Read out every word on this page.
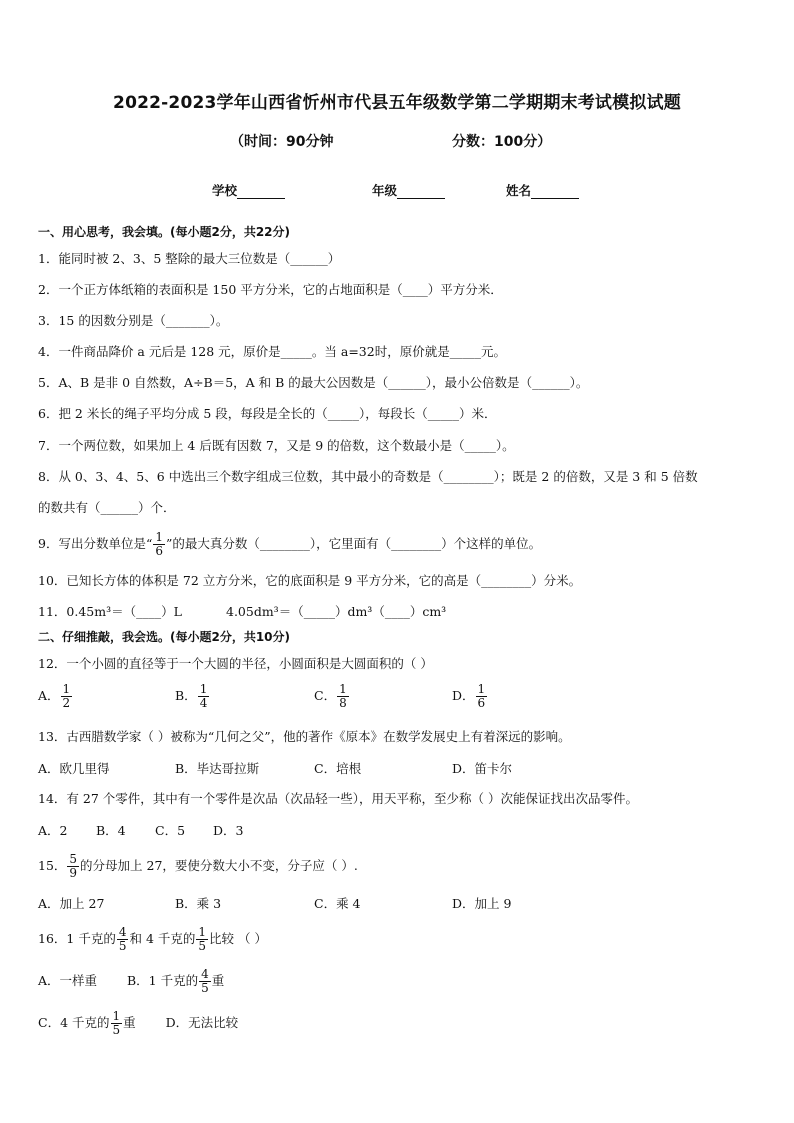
2022-2023学年山西省忻州市代县五年级数学第二学期期末考试模拟试题
（时间：90分钟	分数：100分）
学校	年级	姓名
一、用心思考，我会填。(每小题2分，共22分)
1．能同时被 2、3、5 整除的最大三位数是（______）
2．一个正方体纸箱的表面积是 150 平方分米，它的占地面积是（____）平方分米．
3．15 的因数分别是（_______）。
4．一件商品降价 a 元后是 128 元，原价是_____。当 a=32时，原价就是_____元。
5．A、B 是非 0 自然数，A÷B＝5，A 和 B 的最大公因数是（______），最小公倍数是（______）。
6．把 2 米长的绳子平均分成 5 段，每段是全长的（_____），每段长（_____）米．
7．一个两位数，如果加上 4 后既有因数 7，又是 9 的倍数，这个数最小是（_____）。
8．从 0、3、4、5、6 中选出三个数字组成三位数，其中最小的奇数是（________）；既是 2 的倍数，又是 3 和 5 倍数
的数共有（______）个．
9．写出分数单位是“ $\frac{1}{6}$ ”的最大真分数（________），它里面有（________）个这样的单位。
10．已知长方体的体积是 72 立方分米，它的底面积是 9 平方分米，它的高是（________）分米。
11．0.45m³＝（____）L	4.05dm³＝（_____）dm³（____）cm³
二、仔细推敲，我会选。(每小题2分，共10分)
12．一个小圆的直径等于一个大圆的半径，小圆面积是大圆面积的（ ）
A． $\frac{1}{2}$	B． $\frac{1}{4}$	C． $\frac{1}{8}$	D． $\frac{1}{6}$
13．古西腊数学家（ ）被称为“几何之父”，他的著作《原本》在数学发展史上有着深远的影响。
A．欧几里得	B．毕达哥拉斯	C．培根	D．笛卡尔
14．有 27 个零件，其中有一个零件是次品（次品轻一些），用天平称，至少称（ ）次能保证找出次品零件。
A．2 B．4 C．5 D．3
15． $\frac{5}{9}$ 的分母加上 27，要使分数大小不变，分子应（ ）.
A．加上 27	B．乘 3	C．乘 4	D．加上 9
16．1 千克的 $\frac{4}{5}$ 和 4 千克的 $\frac{1}{5}$ 比较 （ ）
A．一样重 B．1 千克的 $\frac{4}{5}$ 重
C．4 千克的 $\frac{1}{5}$ 重 D．无法比较
